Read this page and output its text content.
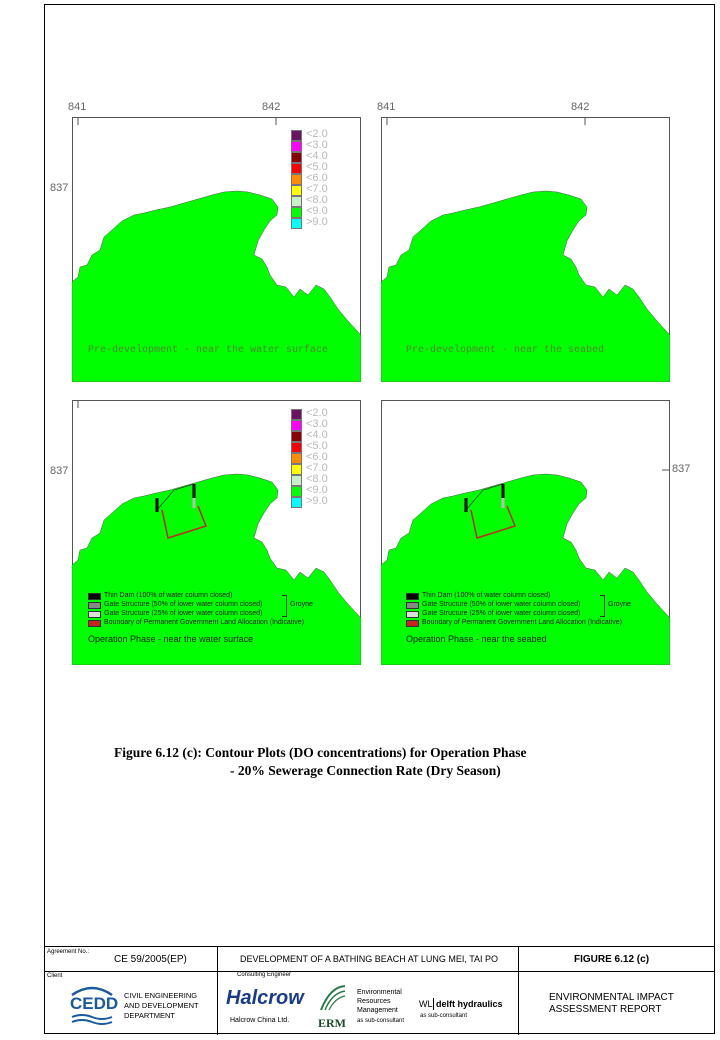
841	842
837
Pre-development - near the water surface
<2.0
<3.0
<4.0
<5.0
<6.0
<7.0
<8.0
<9.0
>9.0
841	842
Pre-development - near the seabed
837
<2.0
<3.0
<4.0
<5.0
<6.0
<7.0
<8.0
<9.0
>9.0
Thin Dam (100% of water column closed)
Gate Structure (50% of lower water column closed)
Gate Structure (25% of lower water column closed)
Boundary of Permanent Government Land Allocation (Indicative)
Groyne
Operation Phase - near the water surface
837
Thin Dam (100% of water column closed)
Gate Structure (50% of lower water column closed)
Gate Structure (25% of lower water column closed)
Boundary of Permanent Government Land Allocation (Indicative)
Groyne
Operation Phase - near the seabed
Figure 6.12 (c): Contour Plots (DO concentrations) for Operation Phase
- 20% Sewerage Connection Rate (Dry Season)
Agreement No.:
CE 59/2005(EP)	DEVELOPMENT OF A BATHING BEACH AT LUNG MEI, TAI PO	FIGURE 6.12 (c)
Client
CEDD CIVIL ENGINEERING
AND DEVELOPMENT
DEPARTMENT
Consulting Engineer
Halcrow
Halcrow China Ltd. ERM
Environmental
Resources
Management
as sub-consultant
WL delft hydraulics
as sub-consultant
ENVIRONMENTAL IMPACT
ASSESSMENT REPORT
